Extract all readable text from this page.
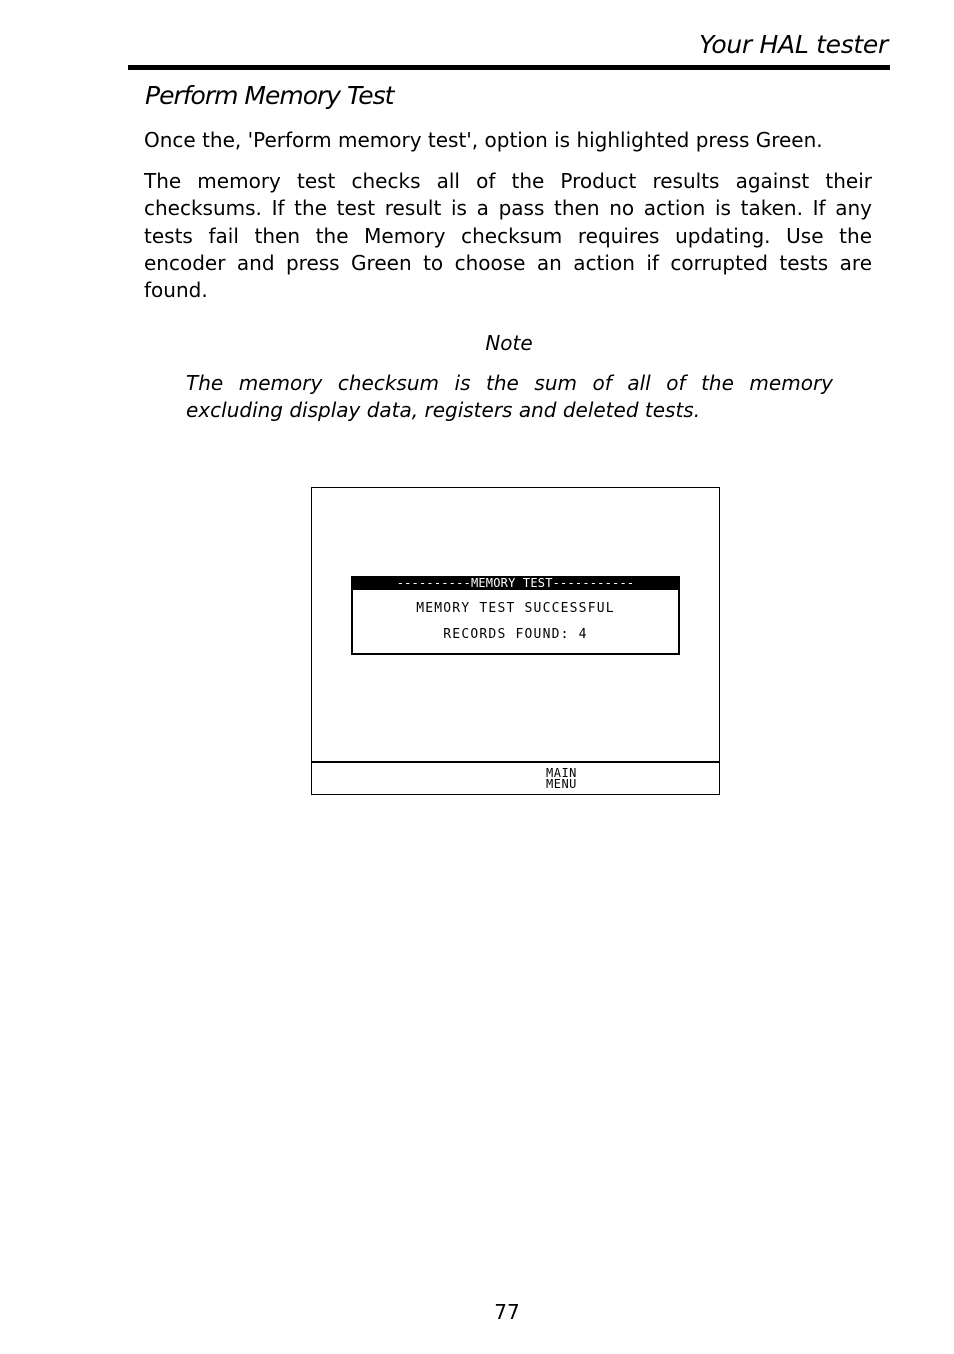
Your HAL tester
Perform Memory Test

Once the, 'Perform memory test', option is highlighted press Green.

The memory test checks all of the Product results against their checksums. If the test result is a pass then no action is taken. If any tests fail then the Memory checksum requires updating. Use the encoder and press Green to choose an action if corrupted tests are found.

Note

The memory checksum is the sum of all of the memory excluding display data, registers and deleted tests.

----------MEMORY TEST-----------
MEMORY TEST SUCCESSFUL
RECORDS FOUND: 4
MAIN
MENU
77
